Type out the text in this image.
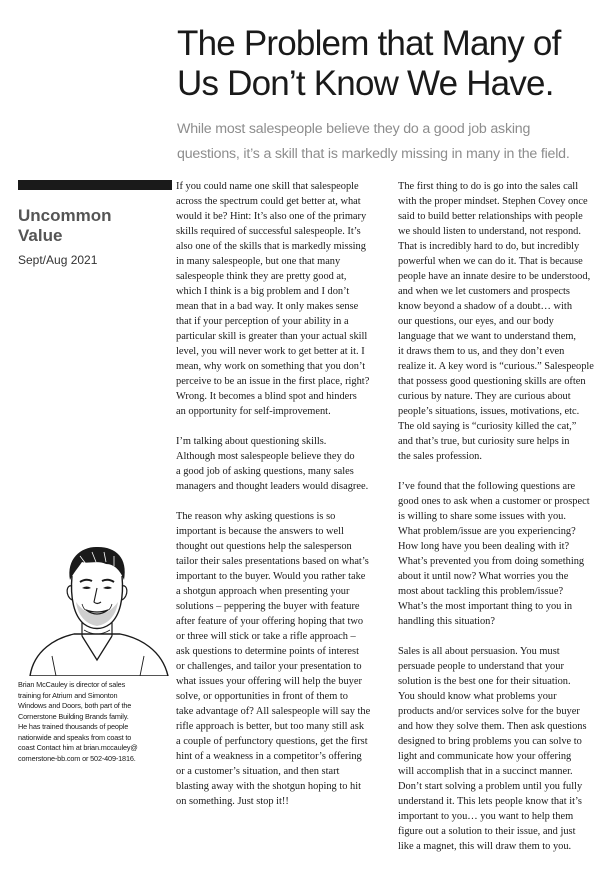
The Problem that Many of
Us Don’t Know We Have.
While most salespeople believe they do a good job asking
questions, it’s a skill that is markedly missing in many in the field.
Uncommon
Value
Sept/Aug 2021
Brian McCauley is director of sales
training for Atrium and Simonton
Windows and Doors, both part of the
Cornerstone Building Brands family.
He has trained thousands of people
nationwide and speaks from coast to
coast Contact him at brian.mccauley@
cornerstone-bb.com or 502-409-1816.
If you could name one skill that salespeople
across the spectrum could get better at, what
would it be? Hint: It’s also one of the primary
skills required of successful salespeople. It’s
also one of the skills that is markedly missing
in many salespeople, but one that many
salespeople think they are pretty good at,
which I think is a big problem and I don’t
mean that in a bad way. It only makes sense
that if your perception of your ability in a
particular skill is greater than your actual skill
level, you will never work to get better at it. I
mean, why work on something that you don’t
perceive to be an issue in the first place, right?
Wrong. It becomes a blind spot and hinders
an opportunity for self-improvement.
I’m talking about questioning skills.
Although most salespeople believe they do
a good job of asking questions, many sales
managers and thought leaders would disagree.
The reason why asking questions is so
important is because the answers to well
thought out questions help the salesperson
tailor their sales presentations based on what’s
important to the buyer. Would you rather take
a shotgun approach when presenting your
solutions – peppering the buyer with feature
after feature of your offering hoping that two
or three will stick or take a rifle approach –
ask questions to determine points of interest
or challenges, and tailor your presentation to
what issues your offering will help the buyer
solve, or opportunities in front of them to
take advantage of? All salespeople will say the
rifle approach is better, but too many still ask
a couple of perfunctory questions, get the first
hint of a weakness in a competitor’s offering
or a customer’s situation, and then start
blasting away with the shotgun hoping to hit
on something. Just stop it!!
The first thing to do is go into the sales call
with the proper mindset. Stephen Covey once
said to build better relationships with people
we should listen to understand, not respond.
That is incredibly hard to do, but incredibly
powerful when we can do it. That is because
people have an innate desire to be understood,
and when we let customers and prospects
know beyond a shadow of a doubt… with
our questions, our eyes, and our body
language that we want to understand them,
it draws them to us, and they don’t even
realize it. A key word is “curious.” Salespeople
that possess good questioning skills are often
curious by nature. They are curious about
people’s situations, issues, motivations, etc.
The old saying is “curiosity killed the cat,”
and that’s true, but curiosity sure helps in
the sales profession.
I’ve found that the following questions are
good ones to ask when a customer or prospect
is willing to share some issues with you.
What problem/issue are you experiencing?
How long have you been dealing with it?
What’s prevented you from doing something
about it until now? What worries you the
most about tackling this problem/issue?
What’s the most important thing to you in
handling this situation?
Sales is all about persuasion. You must
persuade people to understand that your
solution is the best one for their situation.
You should know what problems your
products and/or services solve for the buyer
and how they solve them. Then ask questions
designed to bring problems you can solve to
light and communicate how your offering
will accomplish that in a succinct manner.
Don’t start solving a problem until you fully
understand it. This lets people know that it’s
important to you… you want to help them
figure out a solution to their issue, and just
like a magnet, this will draw them to you.
